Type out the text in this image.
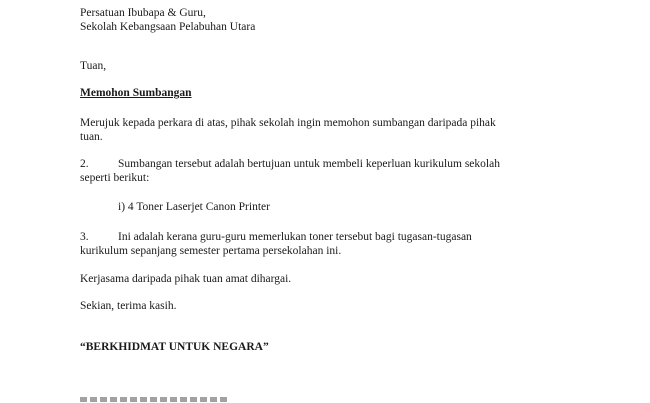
Persatuan Ibubapa & Guru,
Sekolah Kebangsaan Pelabuhan Utara
Tuan,
Memohon Sumbangan
Merujuk kepada perkara di atas, pihak sekolah ingin memohon sumbangan daripada pihak
tuan.
2.	Sumbangan tersebut adalah bertujuan untuk membeli keperluan kurikulum sekolah
seperti berikut:
i) 4 Toner Laserjet Canon Printer
3.	Ini adalah kerana guru-guru memerlukan toner tersebut bagi tugasan-tugasan
kurikulum sepanjang semester pertama persekolahan ini.
Kerjasama daripada pihak tuan amat dihargai.
Sekian, terima kasih.
“BERKHIDMAT UNTUK NEGARA”
